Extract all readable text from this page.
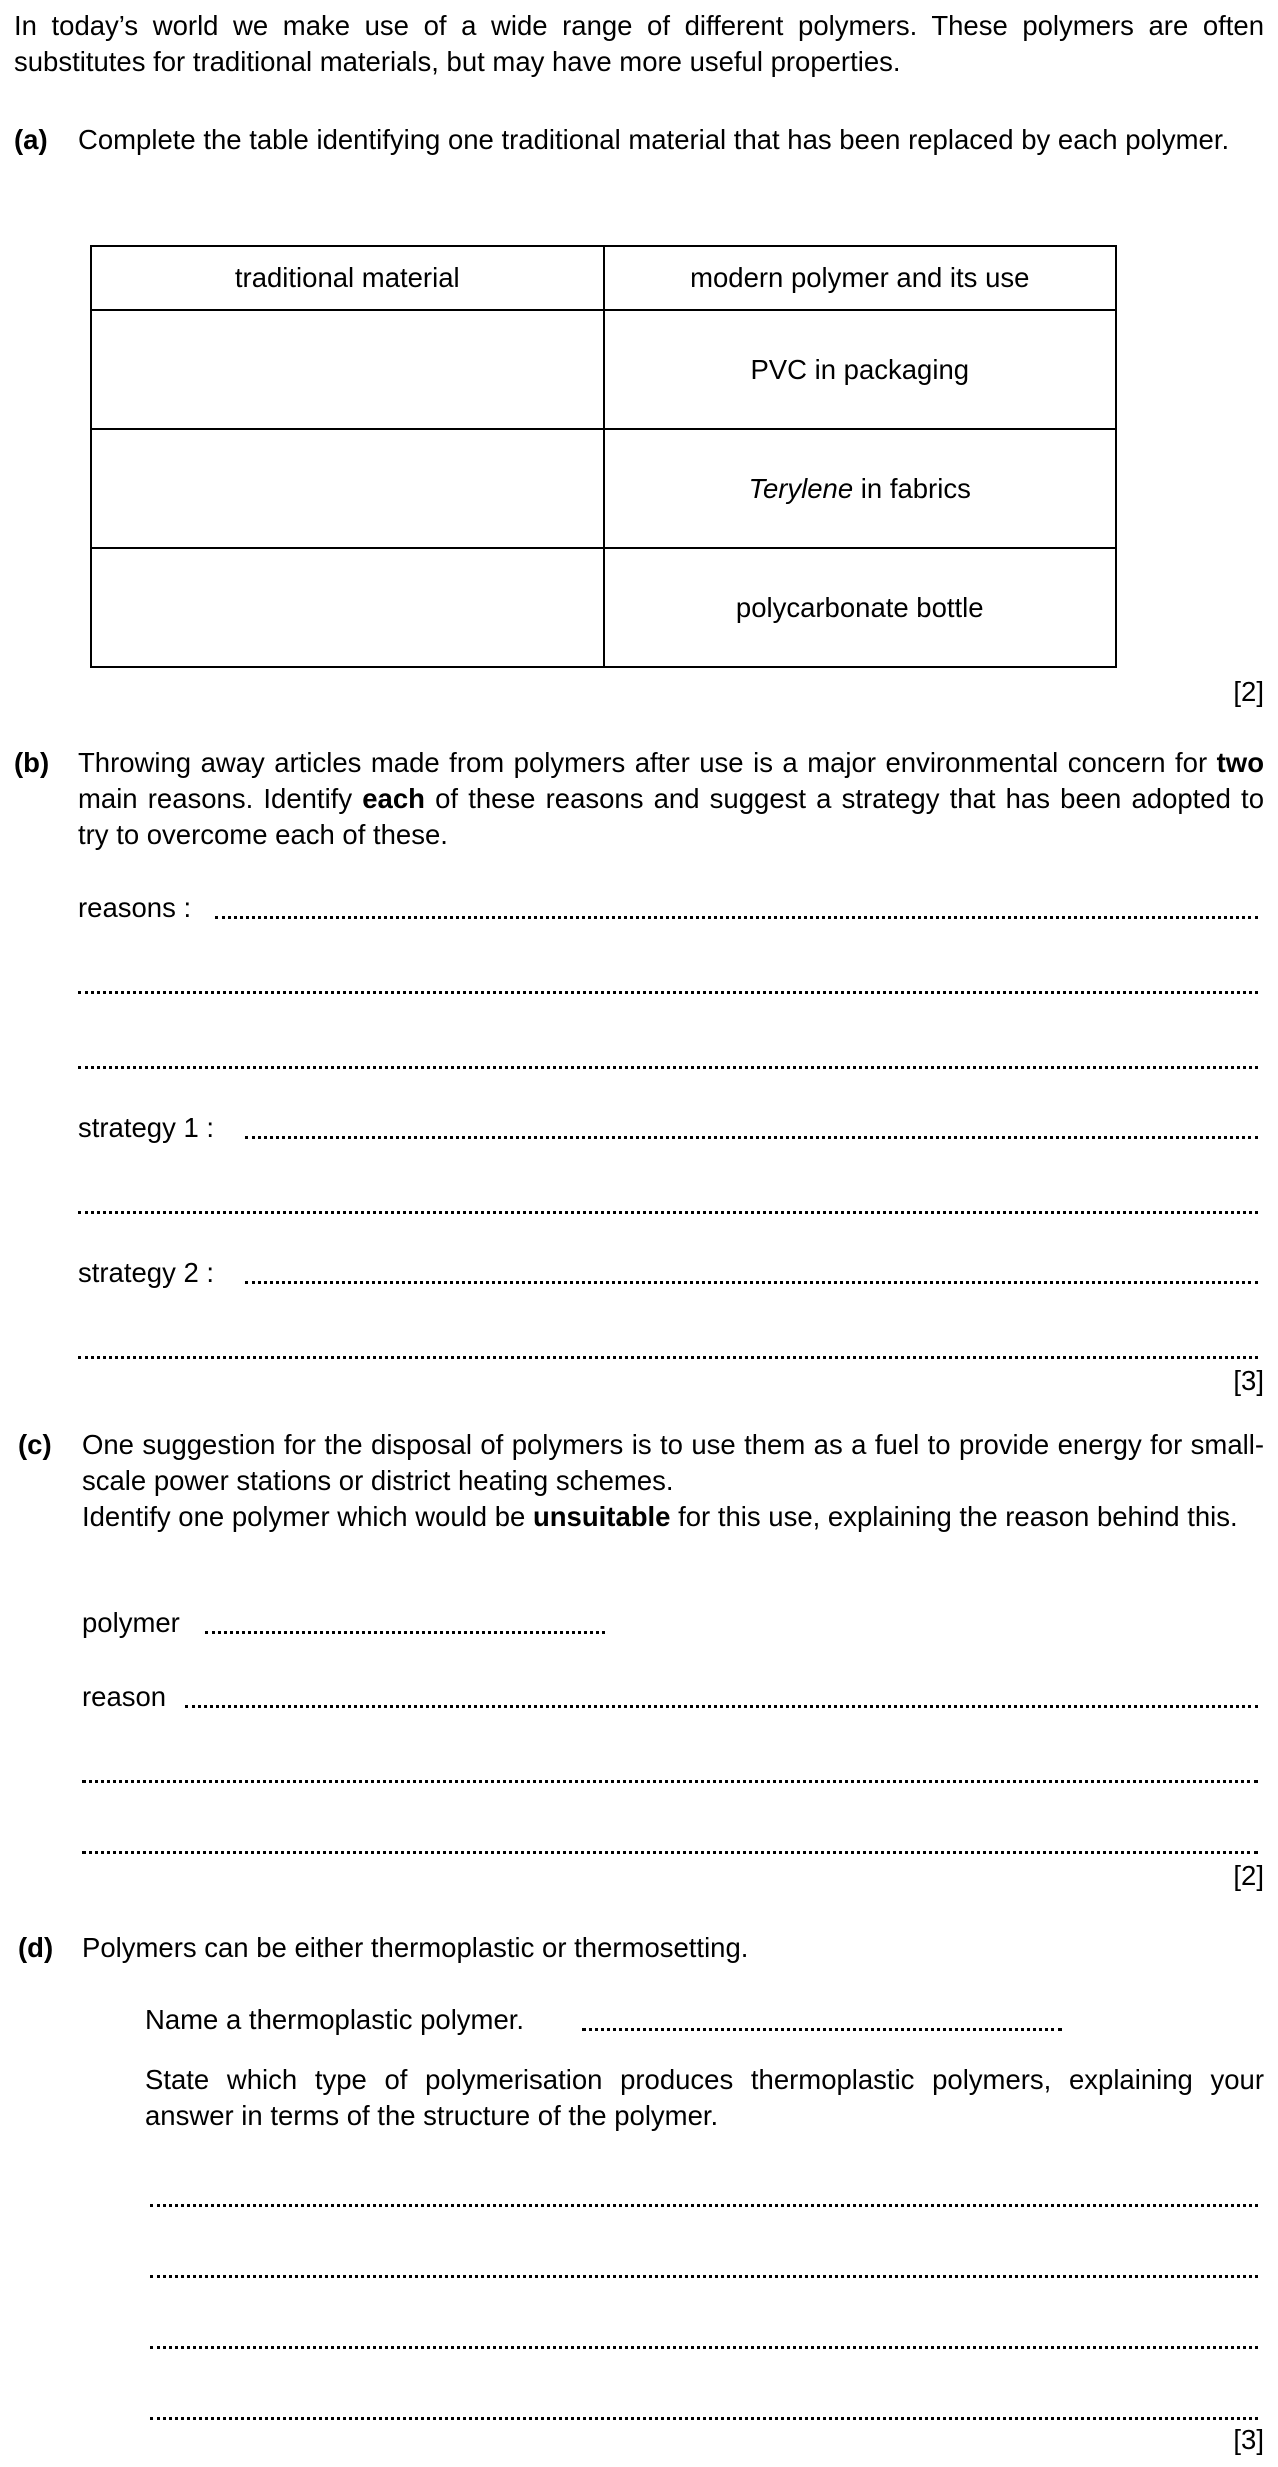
In today’s world we make use of a wide range of different polymers. These polymers are often substitutes for traditional materials, but may have more useful properties.
(a) Complete the table identifying one traditional material that has been replaced by each polymer.
traditional material	modern polymer and its use
	PVC in packaging
	Terylene in fabrics
	polycarbonate bottle
[2]
(b) Throwing away articles made from polymers after use is a major environmental concern for two main reasons. Identify each of these reasons and suggest a strategy that has been adopted to try to overcome each of these.
reasons :
strategy 1 :
strategy 2 :
[3]
(c) One suggestion for the disposal of polymers is to use them as a fuel to provide energy for small-scale power stations or district heating schemes.
Identify one polymer which would be unsuitable for this use, explaining the reason behind this.
polymer
reason
[2]
(d) Polymers can be either thermoplastic or thermosetting.
Name a thermoplastic polymer.
State which type of polymerisation produces thermoplastic polymers, explaining your answer in terms of the structure of the polymer.
[3]
